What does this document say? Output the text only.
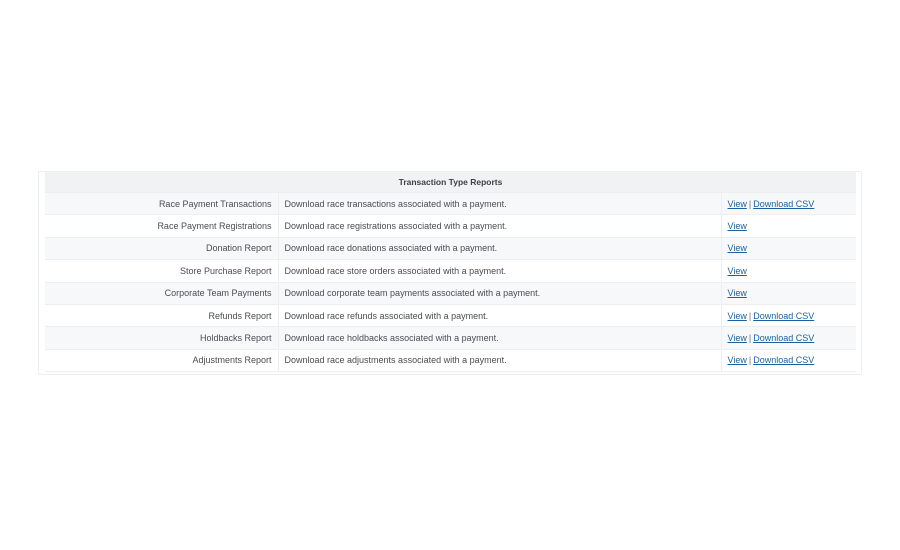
Transaction Type Reports		
Race Payment Transactions	Download race transactions associated with a payment.	View | Download CSV
Race Payment Registrations	Download race registrations associated with a payment.	View
Donation Report	Download race donations associated with a payment.	View
Store Purchase Report	Download race store orders associated with a payment.	View
Corporate Team Payments	Download corporate team payments associated with a payment.	View
Refunds Report	Download race refunds associated with a payment.	View | Download CSV
Holdbacks Report	Download race holdbacks associated with a payment.	View | Download CSV
Adjustments Report	Download race adjustments associated with a payment.	View | Download CSV
